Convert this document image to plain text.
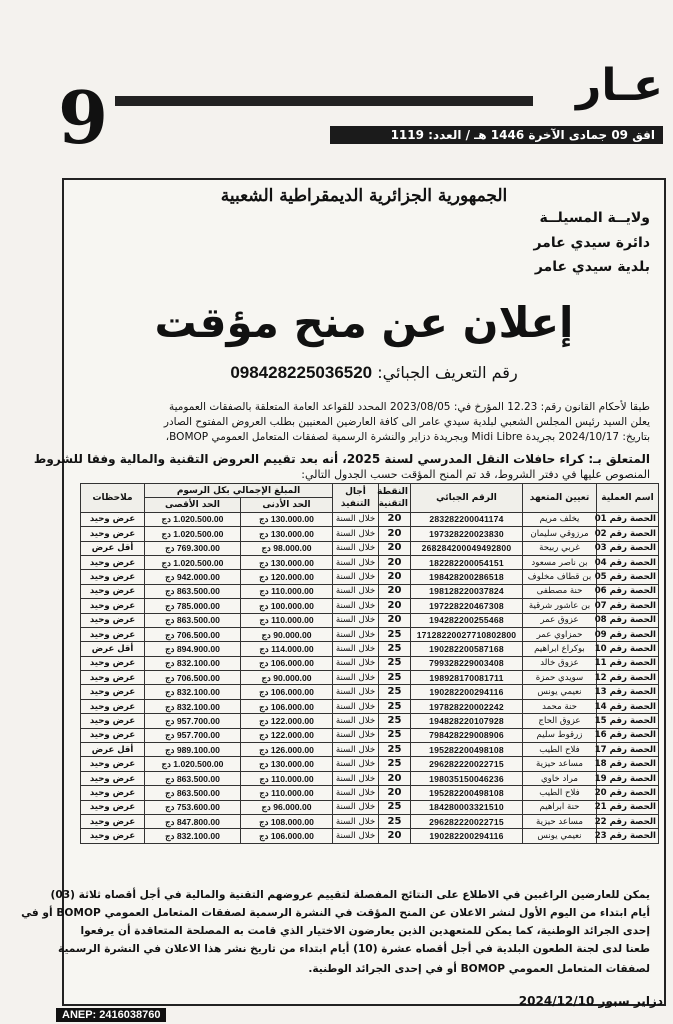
عـار
9	افق 09 جمادى الآخرة 1446 هـ / العدد: 1119
الجمهورية الجزائرية الديمقراطية الشعبية
ولايــة المسيلــة
دائرة سيدي عامر
بلدية سيدي عامر
إعلان عن منح مؤقت
رقم التعريف الجبائي: 09842822503652​0
طبقا لأحكام القانون رقم: 12.23 المؤرخ في: 2023/08/05 المحدد للقواعد العامة المتعلقة بالصفقات العمومية
يعلن السيد رئيس المجلس الشعبي لبلدية سيدي عامر الى كافة العارضين المعنيين بطلب العروض المفتوح الصادر
بتاريخ: 2024/10/17 بجريدة Midi Libre وبجريدة دزاير والنشرة الرسمية لصفقات المتعامل العمومي BOMOP،
المتعلق بـ: كراء حافلات النقل المدرسي لسنة 2025، أنه بعد تقييم العروض التقنية والمالية وفقا للشروط
المنصوص عليها في دفتر الشروط، قد تم المنح المؤقت حسب الجدول التالي:
اسم العملية	تعيين المتعهد	الرقم الجبائي	النقطة التقنية	أجال التنفيذ	المبلغ الإجمالي بكل الرسوم		ملاحظات
					الحد الأدنى	الحد الأقصى	
الحصة رقم 01	يخلف مريم	283282200041174	20	خلال السنة	130.000.00 دج	1.020.500.00 دج	عرض وحيد
الحصة رقم 02	مرزوقي سليمان	197328220023830	20	خلال السنة	130.000.00 دج	1.020.500.00 دج	عرض وحيد
الحصة رقم 03	غربي ربيحة	268284200049492800	20	خلال السنة	98.000.00 دج	769.300.00 دج	أقل عرض
الحصة رقم 04	بن ناصر مسعود	182282200054151	20	خلال السنة	130.000.00 دج	1.020.500.00 دج	عرض وحيد
الحصة رقم 05	بن قطاف مخلوف	198428200286518	20	خلال السنة	120.000.00 دج	942.000.00 دج	عرض وحيد
الحصة رقم 06	حنة مصطفى	198128220037824	20	خلال السنة	110.000.00 دج	863.500.00 دج	عرض وحيد
الحصة رقم 07	بن عاشور شرقية	197228220467308	20	خلال السنة	100.000.00 دج	785.000.00 دج	عرض وحيد
الحصة رقم 08	عزوق عمر	194282200255468	20	خلال السنة	110.000.00 دج	863.500.00 دج	عرض وحيد
الحصة رقم 09	حمزاوي عمر	171282200277108028​00	25	خلال السنة	90.000.00 دج	706.500.00 دج	عرض وحيد
الحصة رقم 10	بوكراع ابراهيم	190282200587168	25	خلال السنة	114.000.00 دج	894.900.00 دج	أقل عرض
الحصة رقم 11	عزوق خالد	799328229003408	25	خلال السنة	106.000.00 دج	832.100.00 دج	عرض وحيد
الحصة رقم 12	سويدي حمزة	198928170081711	25	خلال السنة	90.000.00 دج	706.500.00 دج	عرض وحيد
الحصة رقم 13	نعيمي يونس	190282200294116	25	خلال السنة	106.000.00 دج	832.100.00 دج	عرض وحيد
الحصة رقم 14	حنة محمد	197828220002242	25	خلال السنة	106.000.00 دج	832.100.00 دج	عرض وحيد
الحصة رقم 15	عزوق الحاج	194828220107928	25	خلال السنة	122.000.00 دج	957.700.00 دج	عرض وحيد
الحصة رقم 16	زرقوط سليم	798428229008906	25	خلال السنة	122.000.00 دج	957.700.00 دج	عرض وحيد
الحصة رقم 17	فلاح الطيب	195282200498108	25	خلال السنة	126.000.00 دج	989.100.00 دج	أقل عرض
الحصة رقم 18	مساعد حيزية	296282220022715	25	خلال السنة	130.000.00 دج	1.020.500.00 دج	عرض وحيد
الحصة رقم 19	مراد خاوي	198035150046236	20	خلال السنة	110.000.00 دج	863.500.00 دج	عرض وحيد
الحصة رقم 20	فلاح الطيب	195282200498108	20	خلال السنة	110.000.00 دج	863.500.00 دج	عرض وحيد
الحصة رقم 21	حنة ابراهيم	184280003321510	25	خلال السنة	96.000.00 دج	753.600.00 دج	عرض وحيد
الحصة رقم 22	مساعد حيزية	296282220022715	25	خلال السنة	108.000.00 دج	847.800.00 دج	عرض وحيد
الحصة رقم 23	نعيمي يونس	190282200294116	20	خلال السنة	106.000.00 دج	832.100.00 دج	عرض وحيد
يمكن للعارضين الراغبين في الاطلاع على النتائج المفصلة لتقييم عروضهم التقنية والمالية في أجل أقصاه ثلاثة (03)
أيام ابتداء من اليوم الأول لنشر الاعلان عن المنح المؤقت في النشرة الرسمية لصفقات المتعامل العمومي BOMOP أو في
إحدى الجرائد الوطنية، كما يمكن للمتعهدين الذين يعارضون الاختيار الذي قامت به المصلحة المتعاقدة أن يرفعوا
طعنا لدى لجنة الطعون البلدية في أجل أقصاه عشرة (10) أيام ابتداء من تاريخ نشر هذا الاعلان في النشرة الرسمية
لصفقات المتعامل العمومي BOMOP أو في إحدى الجرائد الوطنية.
دزاير سبور 2024/12/10
ANEP: 2416038760
